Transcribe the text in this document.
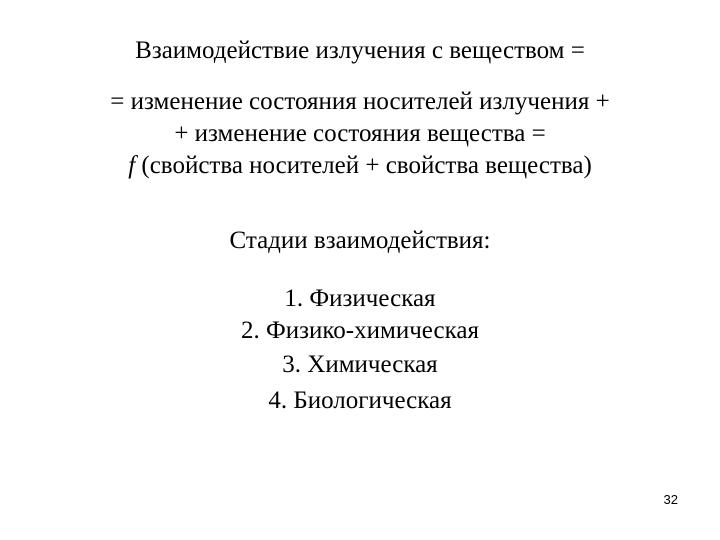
Взаимодействие излучения с веществом =
= изменение состояния носителей излучения +
+ изменение состояния вещества =
f (свойства носителей + свойства вещества)
Стадии взаимодействия:
1. Физическая
2. Физико-химическая
3. Химическая
4. Биологическая
32
